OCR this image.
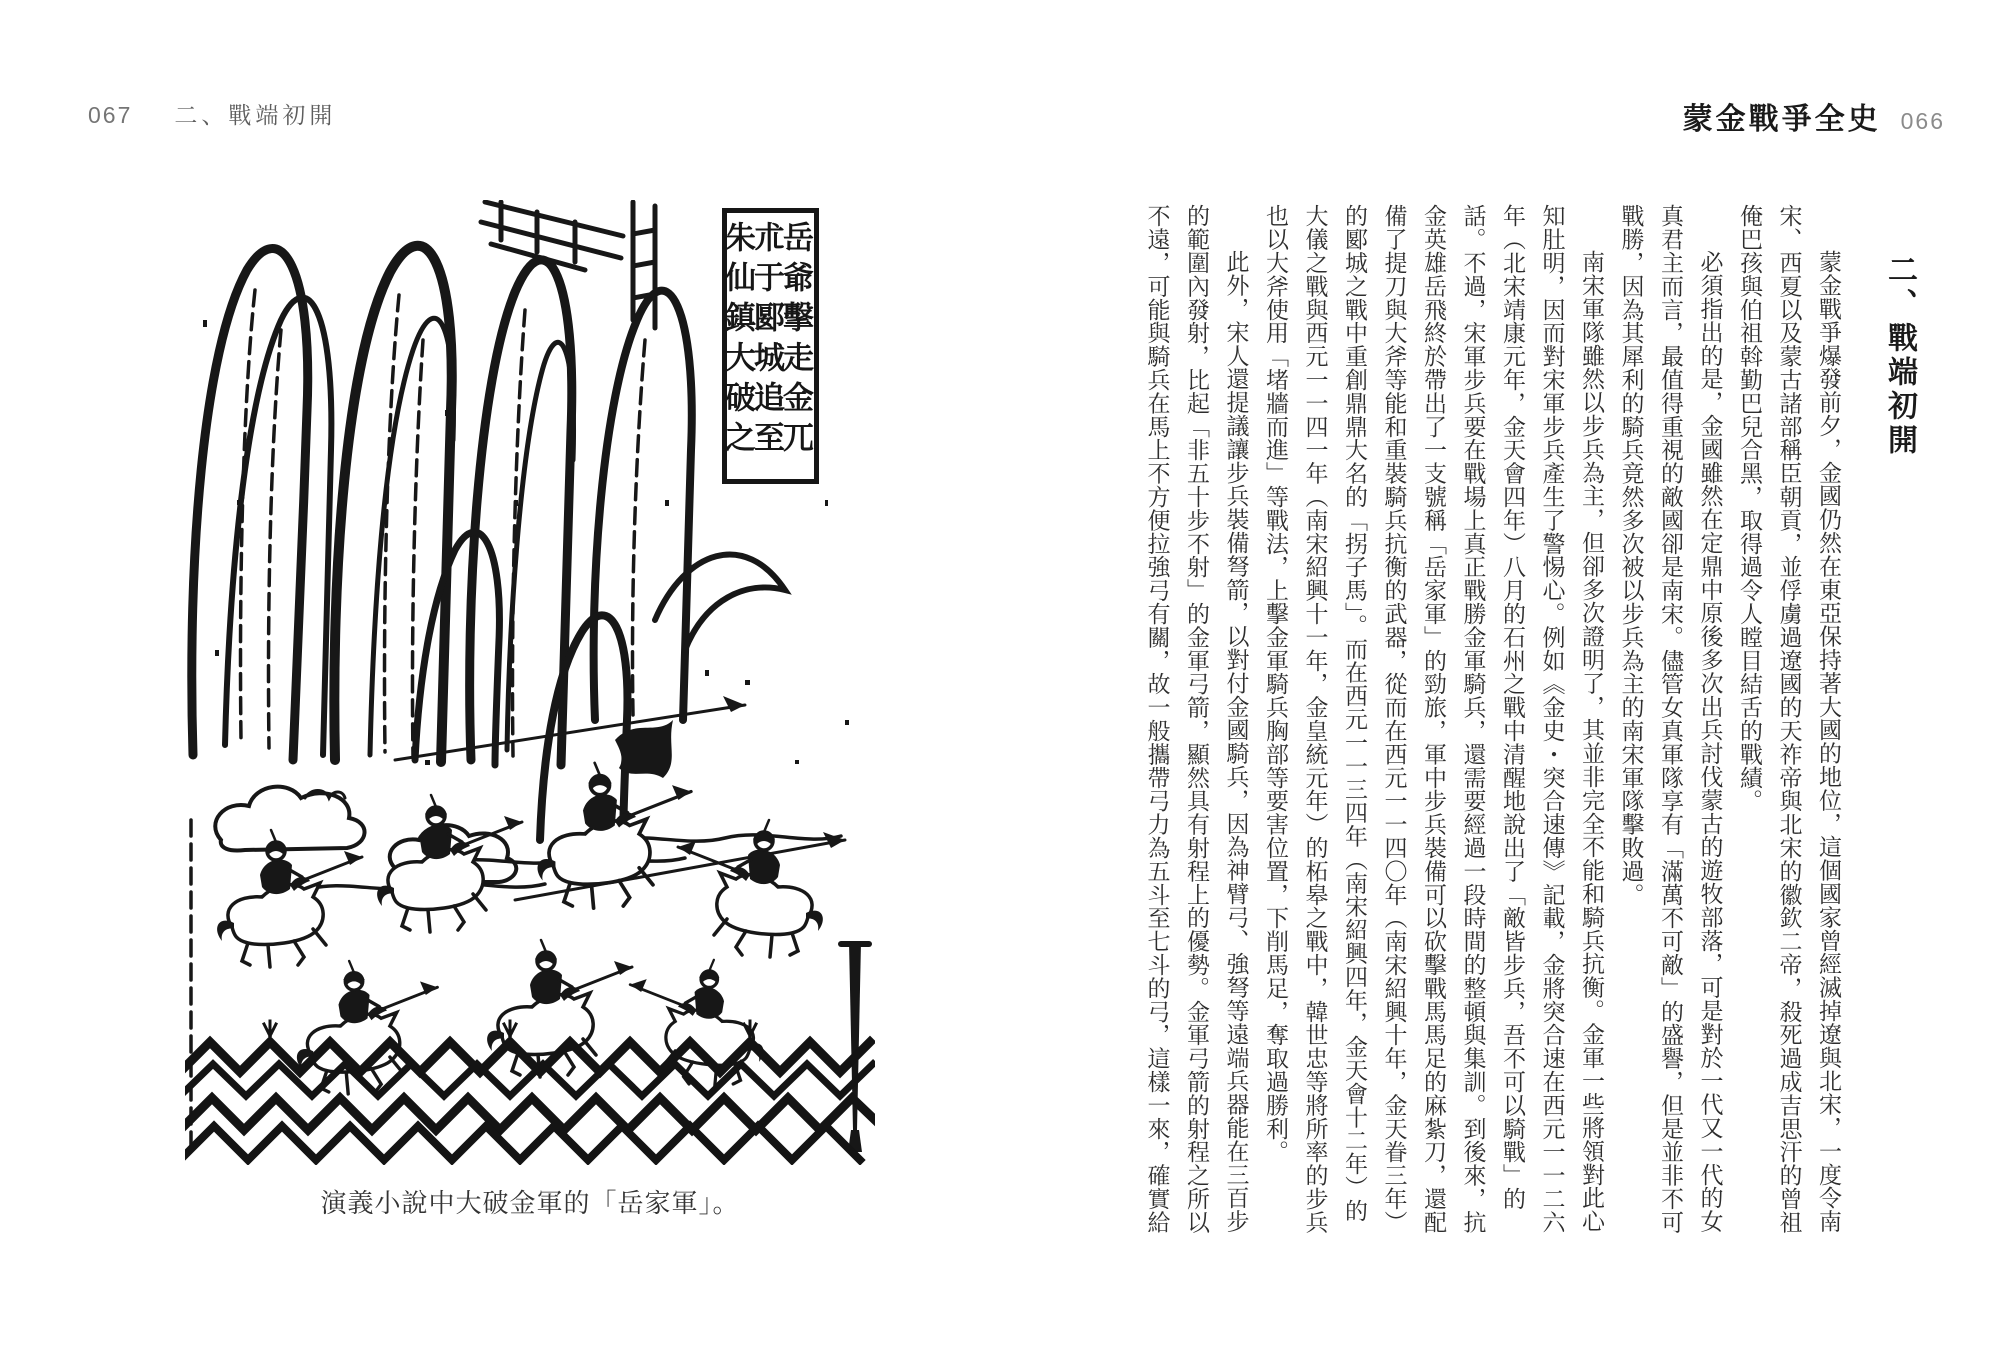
067 二、戰端初開	蒙金戰爭全史 066
岳爺擊走金兀
朮于郾城追至
朱仙鎮大破之
演義小說中大破金軍的「岳家軍」。
二、戰端初開

蒙金戰爭爆發前夕，金國仍然在東亞保持著大國的地位，這個國家曾經滅掉遼與北宋，一度令南宋、西夏以及蒙古諸部稱臣朝貢，並俘虜過遼國的天祚帝與北宋的徽欽二帝，殺死過成吉思汗的曾祖俺巴孩與伯祖斡勤巴兒合黑，取得過令人瞠目結舌的戰績。

必須指出的是，金國雖然在定鼎中原後多次出兵討伐蒙古的遊牧部落，可是對於一代又一代的女真君主而言，最值得重視的敵國卻是南宋。儘管女真軍隊享有「滿萬不可敵」的盛譽，但是並非不可戰勝，因為其犀利的騎兵竟然多次被以步兵為主的南宋軍隊擊敗過。

南宋軍隊雖然以步兵為主，但卻多次證明了，其並非完全不能和騎兵抗衡。金軍一些將領對此心知肚明，因而對宋軍步兵產生了警惕心。例如《金史・突合速傳》記載，金將突合速在西元一一二六年（北宋靖康元年，金天會四年）八月的石州之戰中清醒地說出了「敵皆步兵，吾不可以騎戰」的話。不過，宋軍步兵要在戰場上真正戰勝金軍騎兵，還需要經過一段時間的整頓與集訓。到後來，抗金英雄岳飛終於帶出了一支號稱「岳家軍」的勁旅，軍中步兵裝備可以砍擊戰馬馬足的麻紮刀，還配備了提刀與大斧等能和重裝騎兵抗衡的武器，從而在西元一一四〇年（南宋紹興十年，金天眷三年）的郾城之戰中重創鼎鼎大名的「拐子馬」。而在西元一一三四年（南宋紹興四年，金天會十二年）的大儀之戰與西元一一四一年（南宋紹興十一年，金皇統元年）的柘皋之戰中，韓世忠等將所率的步兵也以大斧使用「堵牆而進」等戰法，上擊金軍騎兵胸部等要害位置，下削馬足，奪取過勝利。

此外，宋人還提議讓步兵裝備弩箭，以對付金國騎兵，因為神臂弓、強弩等遠端兵器能在三百步的範圍內發射，比起「非五十步不射」的金軍弓箭，顯然具有射程上的優勢。金軍弓箭的射程之所以不遠，可能與騎兵在馬上不方便拉強弓有關，故一般攜帶弓力為五斗至七斗的弓，這樣一來，確實給
